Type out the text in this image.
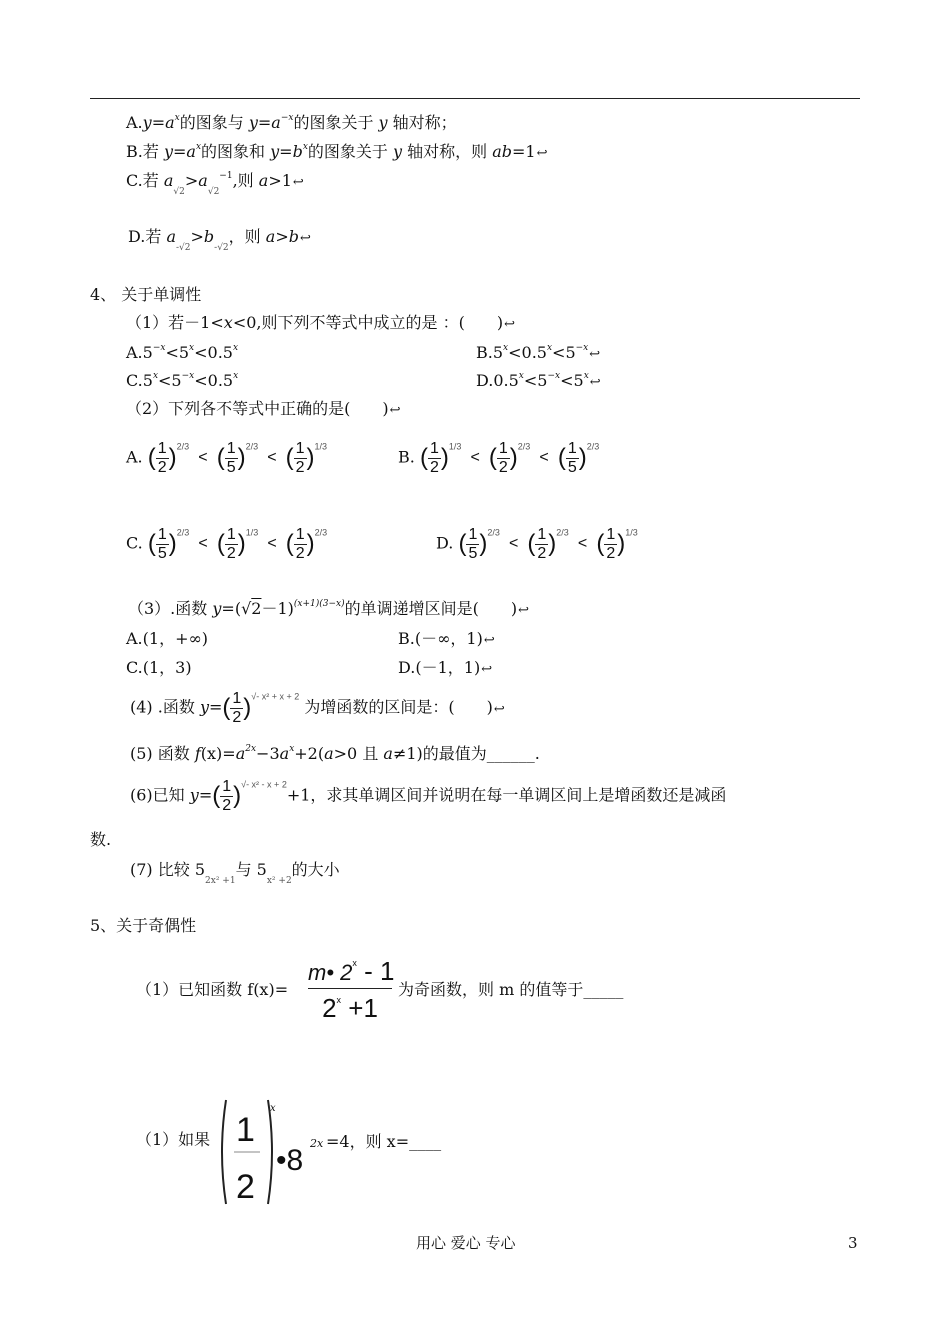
$A.y=a^x$的图象与 $y=a^{-x}$的图象关于 y 轴对称；
B.若 $y=a^x$的图象和 $y=b^x$的图象关于 y 轴对称，则 ab=1↩
C.若 $a_{√2}>a_{√2}^{-1}$,则 a>1↩
D.若 $a_{-√2}>b_{-√2}$，则 a>b↩
4、 关于单调性
（1）若－1<x<0,则下列不等式中成立的是 ：(　　)↩
$A.5^{-x}<5^x<0.5^x$	$B.5^x<0.5^x<5^{-x}↩$
$C.5^x<5^{-x}<0.5^x$	$D.0.5^x<5^{-x}<5^x↩$
（2）下列各不等式中正确的是(　　)↩
A. ( $\frac{1}{2} )^{2/3}$ < ( $\frac{1}{5} )^{2/3}$ < ( $\frac{1}{2} )^{1/3}$
B. ( $\frac{1}{2} )^{1/3}$ < ( $\frac{1}{2} )^{2/3}$ < ( $\frac{1}{5} )^{2/3}$
C. ( $\frac{1}{5} )^{2/3}$ < ( $\frac{1}{2} )^{1/3}$ < ( $\frac{1}{2} )^{2/3}$
D. ( $\frac{1}{5} )^{2/3}$ < ( $\frac{1}{2} )^{2/3}$ < ( $\frac{1}{2} )^{1/3}$
（3）.函数 $y=(√2-1)^{(x+1)(3-x)}$的单调递增区间是(　　)↩
A.(1，+∞)	B.(－∞，1)↩
C.(1，3)	D.(－1，1)↩
(4) .函数 $y=( \frac{1}{2} )^{√- x^2 + x + 2}$ 为增函数的区间是：(　　)↩
(5) 函数 $f(x)=a^{2x}-3a^x+2(a>0$ 且 a≠1)的最值为______.
(6)已知 $y=( \frac{1}{2} )^{√- x^2 - x + 2}+1$，求其单调区间并说明在每一单调区间上是增函数还是减函
数.
(7) 比较 $5_{2x^2 +1}$与 $5_{x^2 +2}$的大小
5、关于奇偶性
（1）已知函数 f(x)=
m• 2$^x$ - 1
$2^x +1$
为奇函数，则 m 的值等于_____
（1）如果 1
2
x
•8
2x =4，则 x=____
用心 爱心 专心	3
